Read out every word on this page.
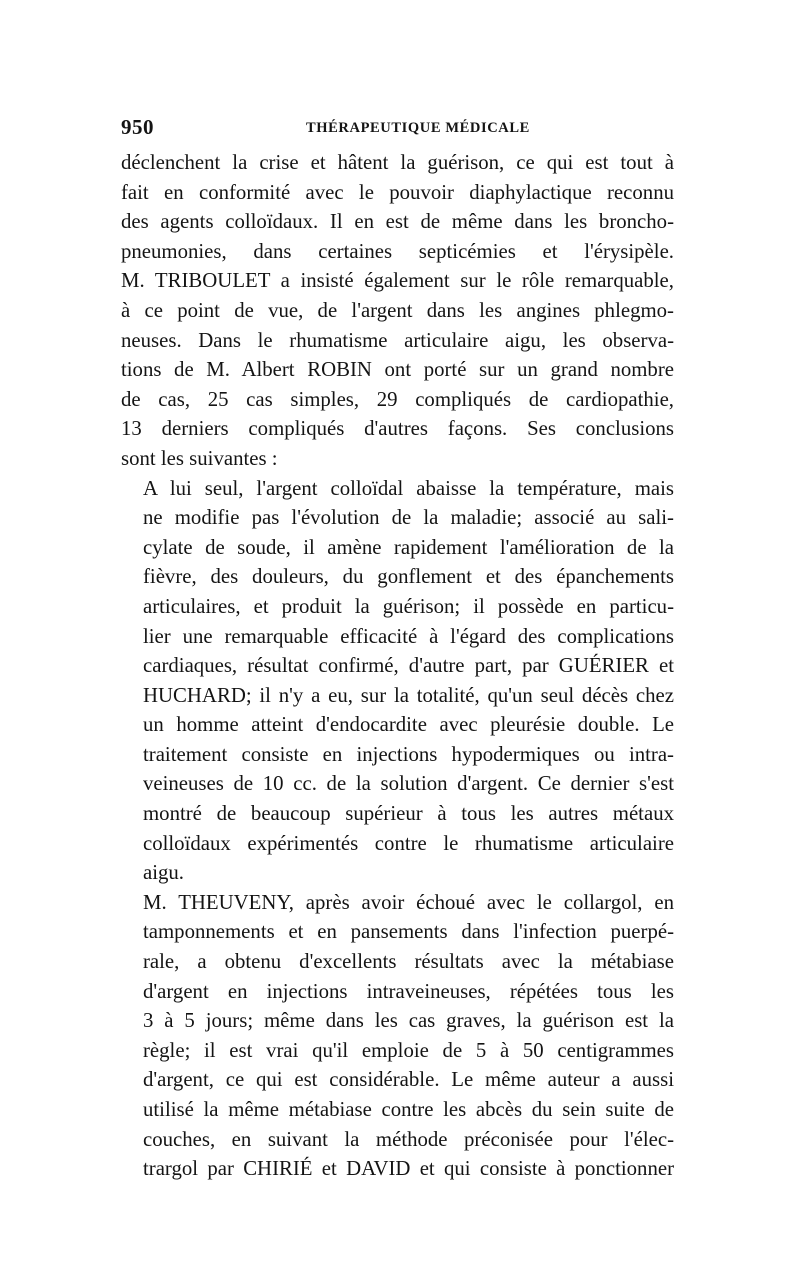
950	THÉRAPEUTIQUE MÉDICALE

déclenchent la crise et hâtent la guérison, ce qui est tout à
fait en conformité avec le pouvoir diaphylactique reconnu
des agents colloïdaux. Il en est de même dans les broncho-
pneumonies, dans certaines septicémies et l'érysipèle.
M. TRIBOULET a insisté également sur le rôle remarquable,
à ce point de vue, de l'argent dans les angines phlegmo-
neuses. Dans le rhumatisme articulaire aigu, les observa-
tions de M. Albert ROBIN ont porté sur un grand nombre
de cas, 25 cas simples, 29 compliqués de cardiopathie,
13 derniers compliqués d'autres façons. Ses conclusions
sont les suivantes :

A lui seul, l'argent colloïdal abaisse la température, mais
ne modifie pas l'évolution de la maladie; associé au sali-
cylate de soude, il amène rapidement l'amélioration de la
fièvre, des douleurs, du gonflement et des épanchements
articulaires, et produit la guérison; il possède en particu-
lier une remarquable efficacité à l'égard des complications
cardiaques, résultat confirmé, d'autre part, par GUÉRIER et
HUCHARD; il n'y a eu, sur la totalité, qu'un seul décès chez
un homme atteint d'endocardite avec pleurésie double. Le
traitement consiste en injections hypodermiques ou intra-
veineuses de 10 cc. de la solution d'argent. Ce dernier s'est
montré de beaucoup supérieur à tous les autres métaux
colloïdaux expérimentés contre le rhumatisme articulaire
aigu.

M. THEUVENY, après avoir échoué avec le collargol, en
tamponnements et en pansements dans l'infection puerpé-
rale, a obtenu d'excellents résultats avec la métabiase
d'argent en injections intraveineuses, répétées tous les
3 à 5 jours; même dans les cas graves, la guérison est la
règle; il est vrai qu'il emploie de 5 à 50 centigrammes
d'argent, ce qui est considérable. Le même auteur a aussi
utilisé la même métabiase contre les abcès du sein suite de
couches, en suivant la méthode préconisée pour l'élec-
trargol par CHIRIÉ et DAVID et qui consiste à ponctionner
